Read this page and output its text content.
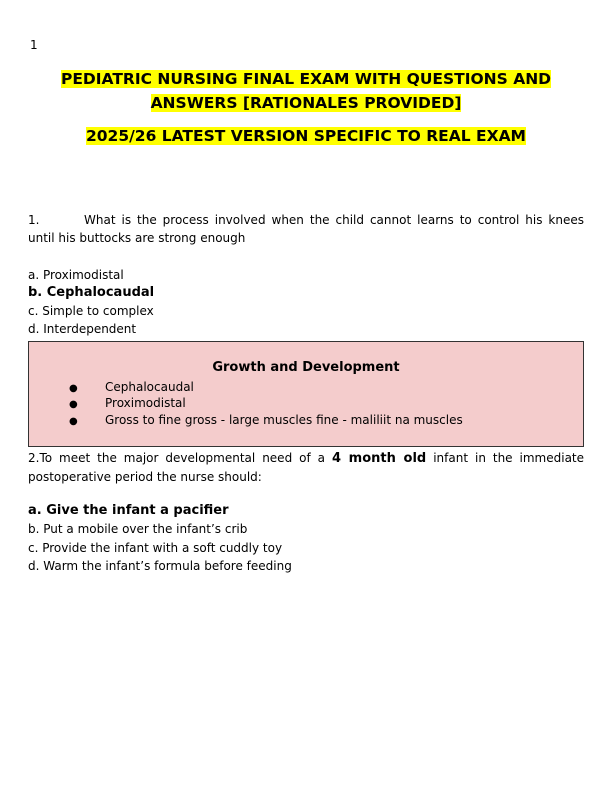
1
PEDIATRIC NURSING FINAL EXAM WITH QUESTIONS AND
ANSWERS [RATIONALES PROVIDED]
2025/26 LATEST VERSION SPECIFIC TO REAL EXAM
1.	What is the process involved when the child cannot learns to control his knees until his buttocks are strong enough
a. Proximodistal
b. Cephalocaudal
c. Simple to complex
d. Interdependent
Growth and Development
● Cephalocaudal
● Proximodistal
● Gross to fine gross - large muscles fine - maliliit na muscles
2.To meet the major developmental need of a 4 month old infant in the immediate postoperative period the nurse should:
a. Give the infant a pacifier
b. Put a mobile over the infant’s crib
c. Provide the infant with a soft cuddly toy
d. Warm the infant’s formula before feeding
